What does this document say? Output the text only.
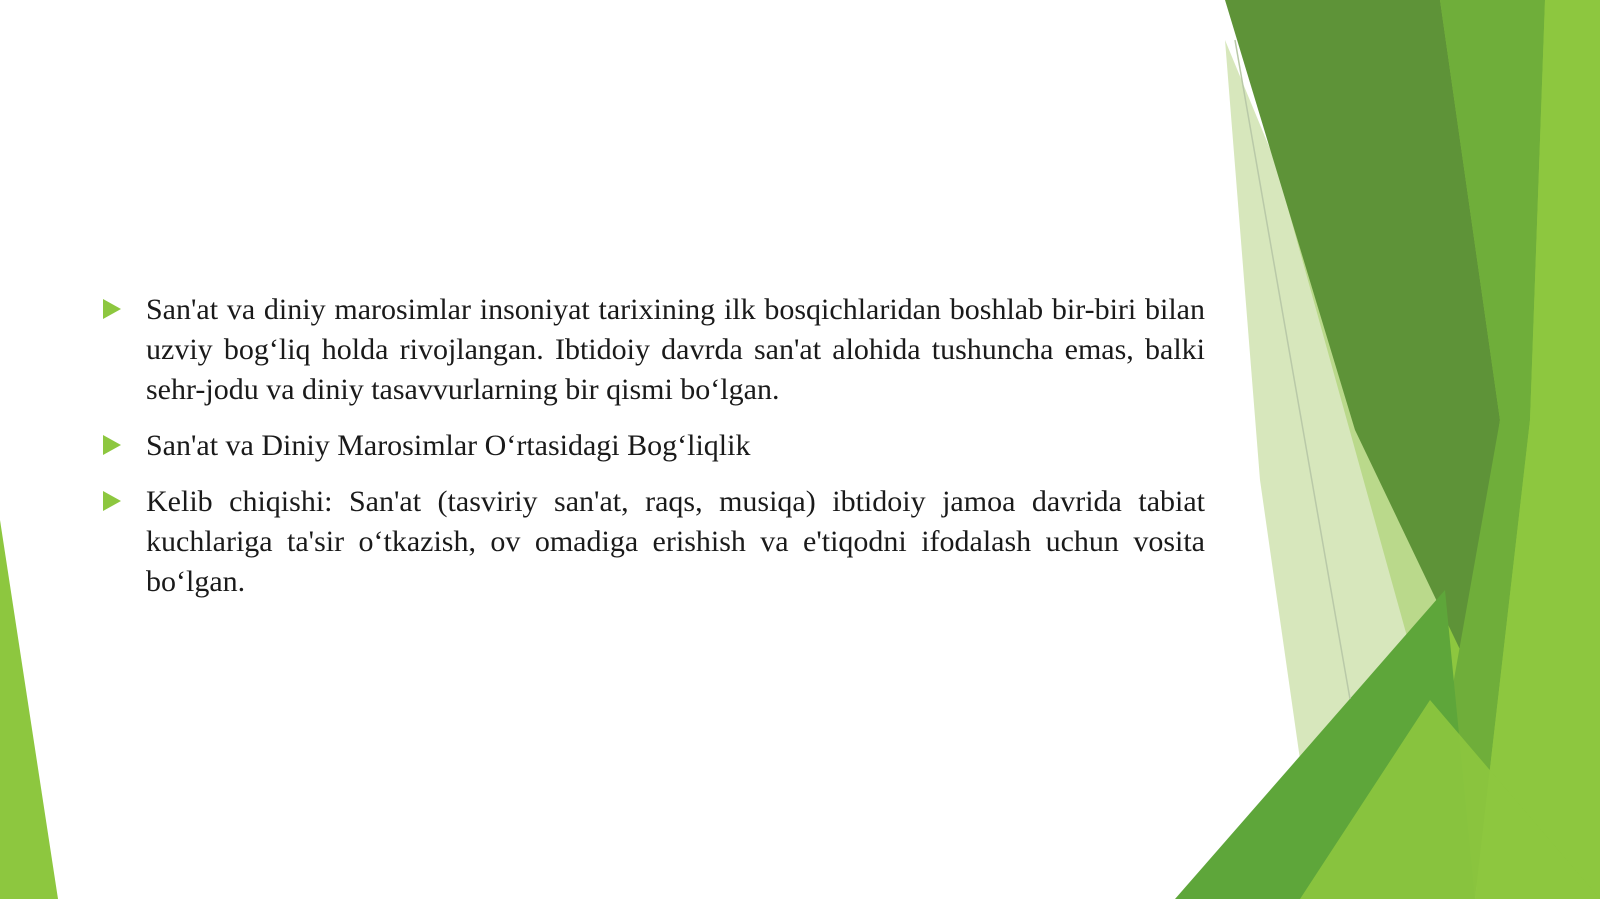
San'at va diniy marosimlar insoniyat tarixining ilk bosqichlaridan boshlab bir-biri bilan uzviy bog‘liq holda rivojlangan. Ibtidoiy davrda san'at alohida tushuncha emas, balki sehr-jodu va diniy tasavvurlarning bir qismi bo‘lgan.
San'at va Diniy Marosimlar O‘rtasidagi Bog‘liqlik
Kelib chiqishi: San'at (tasviriy san'at, raqs, musiqa) ibtidoiy jamoa davrida tabiat kuchlariga ta'sir o‘tkazish, ov omadiga erishish va e'tiqodni ifodalash uchun vosita bo‘lgan.
